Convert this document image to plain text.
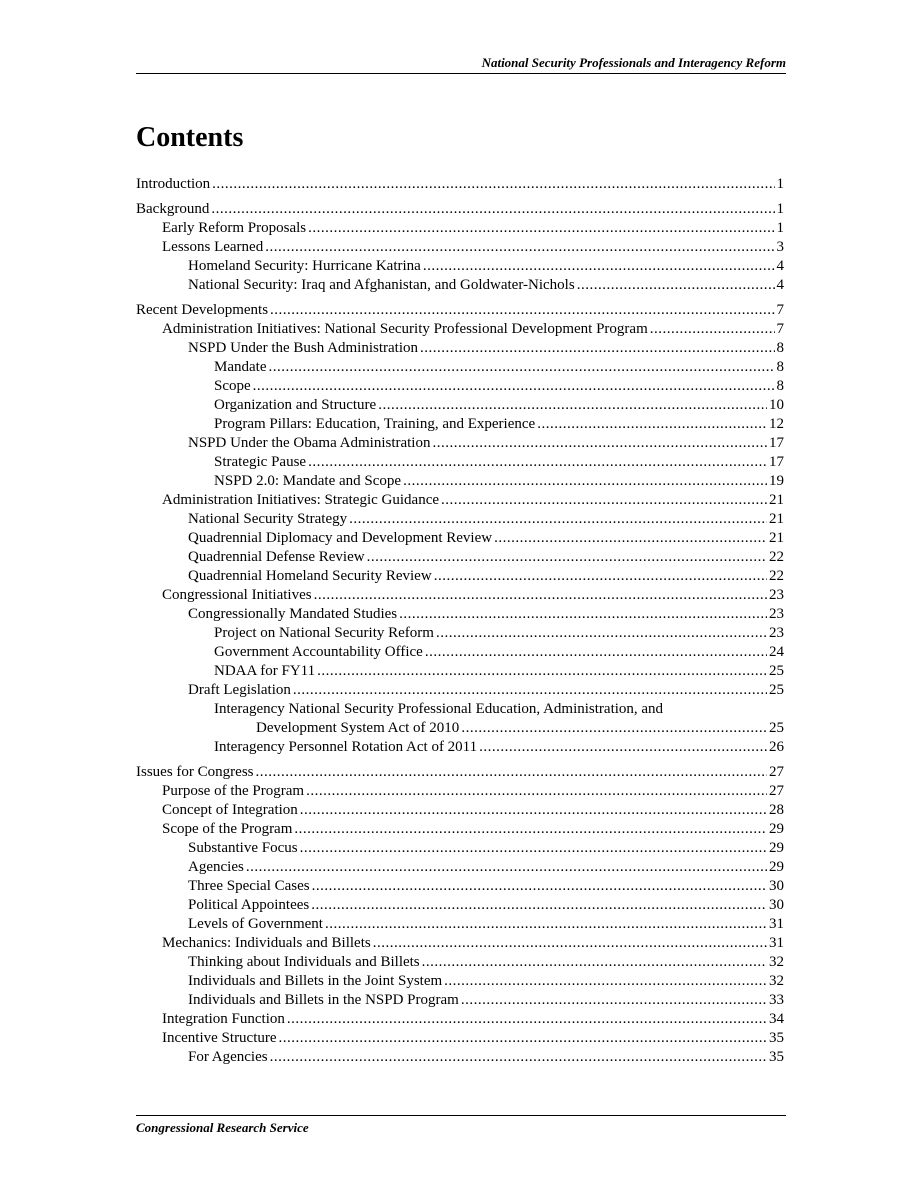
National Security Professionals and Interagency Reform
Contents
Introduction .....	1
Background .....	1
Early Reform Proposals .....	1
Lessons Learned .....	3
Homeland Security: Hurricane Katrina .....	4
National Security: Iraq and Afghanistan, and Goldwater-Nichols .....	4
Recent Developments .....	7
Administration Initiatives: National Security Professional Development Program .....	7
NSPD Under the Bush Administration .....	8
Mandate .....	8
Scope .....	8
Organization and Structure .....	10
Program Pillars: Education, Training, and Experience .....	12
NSPD Under the Obama Administration .....	17
Strategic Pause .....	17
NSPD 2.0: Mandate and Scope .....	19
Administration Initiatives: Strategic Guidance .....	21
National Security Strategy .....	21
Quadrennial Diplomacy and Development Review .....	21
Quadrennial Defense Review .....	22
Quadrennial Homeland Security Review .....	22
Congressional Initiatives .....	23
Congressionally Mandated Studies .....	23
Project on National Security Reform .....	23
Government Accountability Office .....	24
NDAA for FY11 .....	25
Draft Legislation .....	25
Interagency National Security Professional Education, Administration, and
Development System Act of 2010 .....	25
Interagency Personnel Rotation Act of 2011 .....	26
Issues for Congress .....	27
Purpose of the Program .....	27
Concept of Integration .....	28
Scope of the Program .....	29
Substantive Focus .....	29
Agencies .....	29
Three Special Cases .....	30
Political Appointees .....	30
Levels of Government .....	31
Mechanics: Individuals and Billets .....	31
Thinking about Individuals and Billets .....	32
Individuals and Billets in the Joint System .....	32
Individuals and Billets in the NSPD Program .....	33
Integration Function .....	34
Incentive Structure .....	35
For Agencies .....	35
Congressional Research Service
